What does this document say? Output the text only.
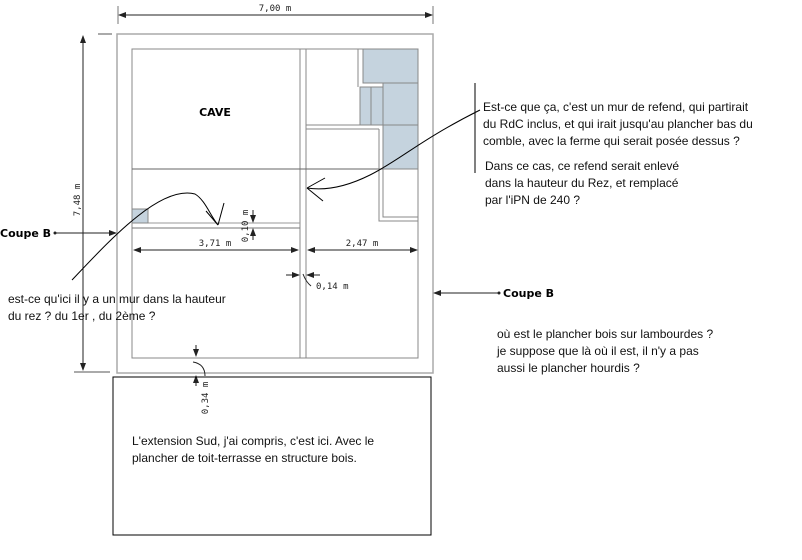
7,00 m
7,48 m
CAVE
3,71 m	2,47 m
0,10 m
0,14 m
0,34 m
Coupe B
Coupe B
Est-ce que ça, c'est un mur de refend, qui partirait
du RdC inclus, et qui irait jusqu'au plancher bas du
comble, avec la ferme qui serait posée dessus ?
Dans ce cas, ce refend serait enlevé
dans la hauteur du Rez, et remplacé
par l'iPN de 240 ?
est-ce qu'ici il y a un mur dans la hauteur
du rez ? du 1er , du 2ème ?
où est le plancher bois sur lambourdes ?
je suppose que là où il est, il n'y a pas
aussi le plancher hourdis ?
L'extension Sud, j'ai compris, c'est ici. Avec le
plancher de toit-terrasse en structure bois.
